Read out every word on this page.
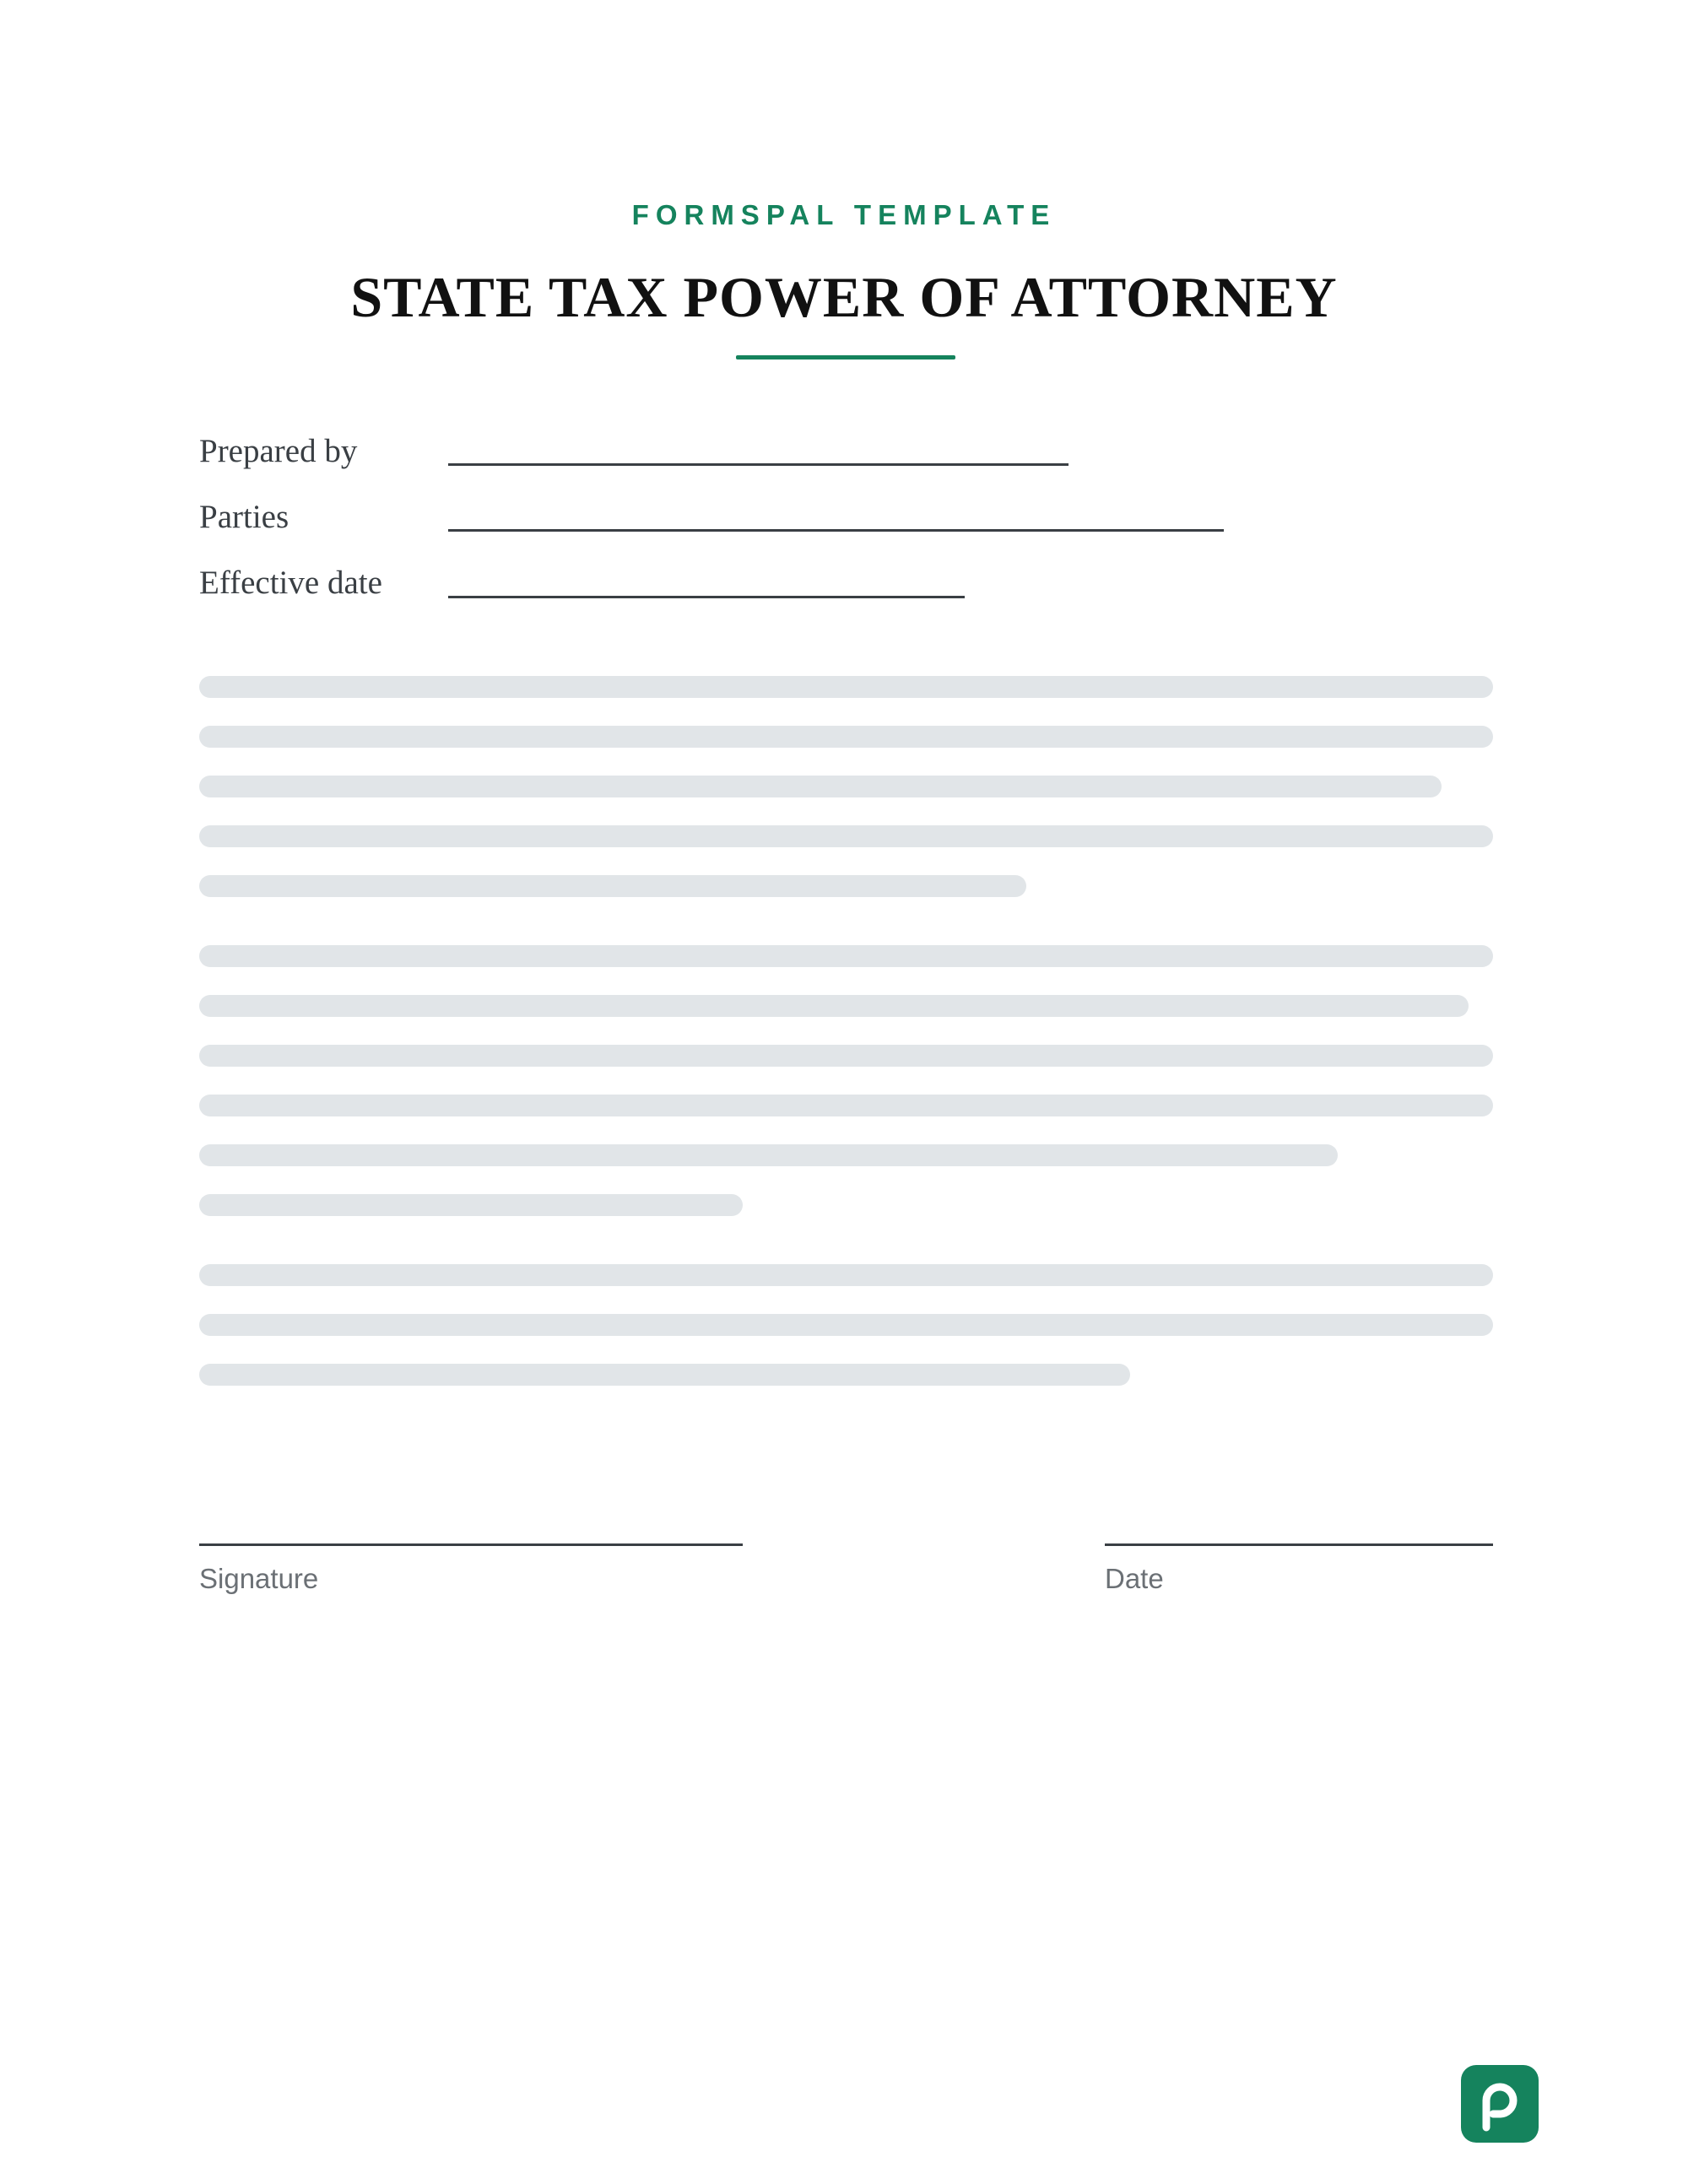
FORMSPAL TEMPLATE
STATE TAX POWER OF ATTORNEY
Prepared by
Parties
Effective date
Signature	Date
